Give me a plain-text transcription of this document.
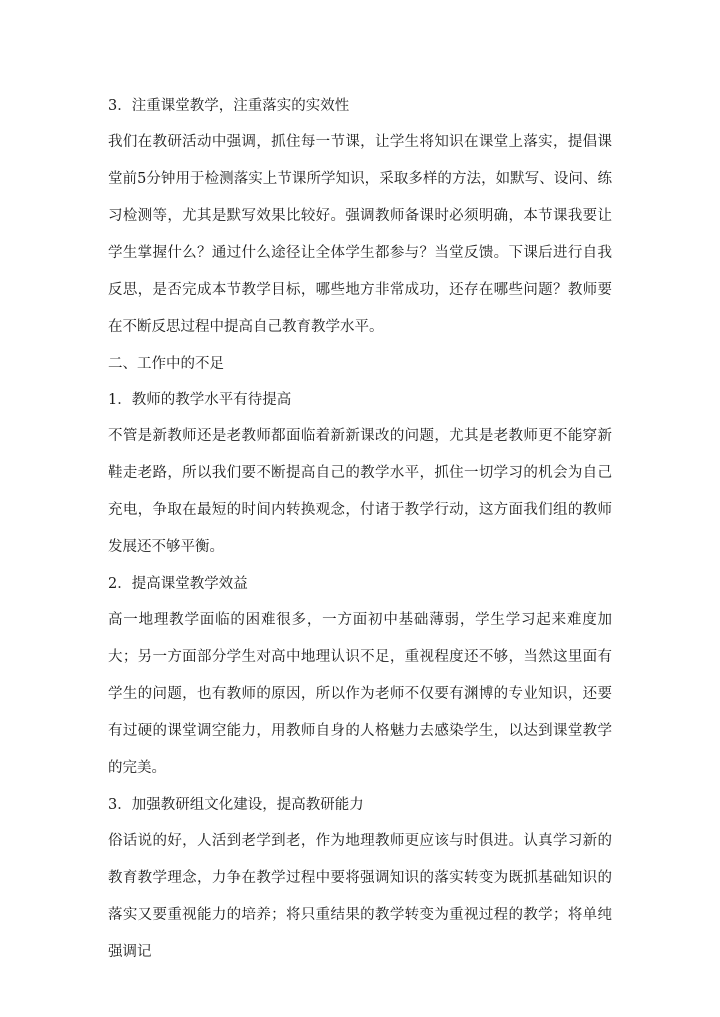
3．注重课堂教学，注重落实的实效性

我们在教研活动中强调，抓住每一节课，让学生将知识在课堂上落实，提倡课堂前5分钟用于检测落实上节课所学知识，采取多样的方法，如默写、设问、练习检测等，尤其是默写效果比较好。强调教师备课时必须明确，本节课我要让学生掌握什么？通过什么途径让全体学生都参与？当堂反馈。下课后进行自我反思，是否完成本节教学目标，哪些地方非常成功，还存在哪些问题？教师要在不断反思过程中提高自己教育教学水平。

二、工作中的不足

1．教师的教学水平有待提高

不管是新教师还是老教师都面临着新新课改的问题，尤其是老教师更不能穿新鞋走老路，所以我们要不断提高自己的教学水平，抓住一切学习的机会为自己充电，争取在最短的时间内转换观念，付诸于教学行动，这方面我们组的教师发展还不够平衡。

2．提高课堂教学效益

高一地理教学面临的困难很多，一方面初中基础薄弱，学生学习起来难度加大；另一方面部分学生对高中地理认识不足，重视程度还不够，当然这里面有学生的问题，也有教师的原因，所以作为老师不仅要有渊博的专业知识，还要有过硬的课堂调空能力，用教师自身的人格魅力去感染学生，以达到课堂教学的完美。

3．加强教研组文化建设，提高教研能力

俗话说的好，人活到老学到老，作为地理教师更应该与时俱进。认真学习新的教育教学理念，力争在教学过程中要将强调知识的落实转变为既抓基础知识的落实又要重视能力的培养；将只重结果的教学转变为重视过程的教学；将单纯强调记
